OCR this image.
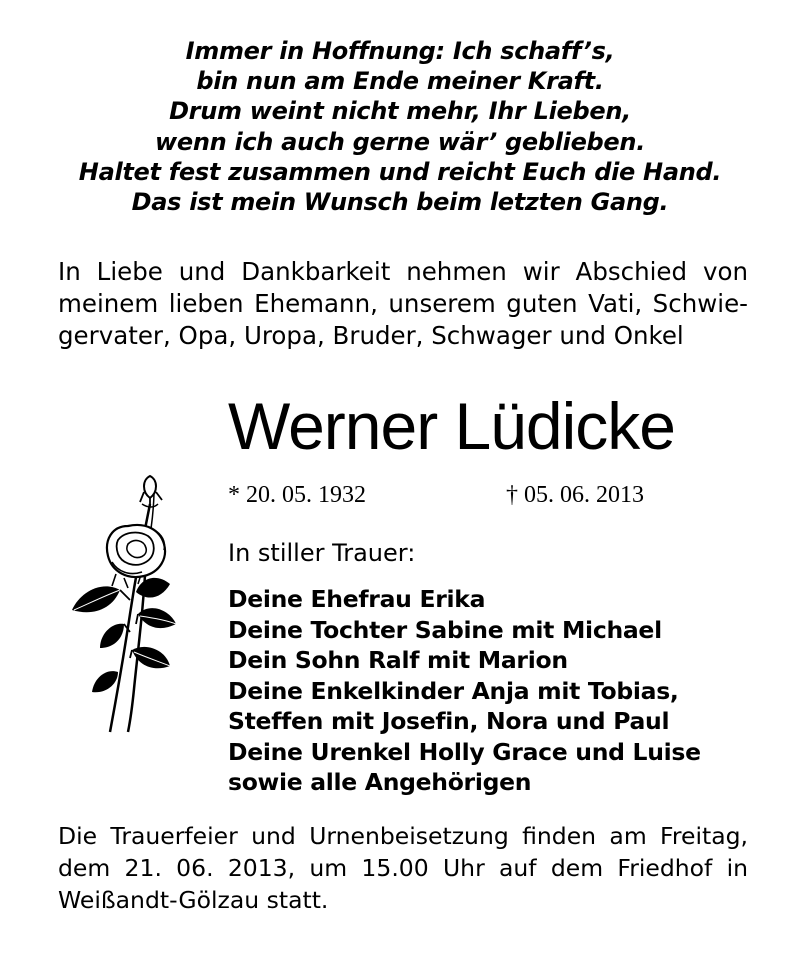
Immer in Hoffnung: Ich schaff’s,
bin nun am Ende meiner Kraft.
Drum weint nicht mehr, Ihr Lieben,
wenn ich auch gerne wär’ geblieben.
Haltet fest zusammen und reicht Euch die Hand.
Das ist mein Wunsch beim letzten Gang.
In Liebe und Dankbarkeit nehmen wir Abschied von
meinem lieben Ehemann, unserem guten Vati, Schwie-
gervater, Opa, Uropa, Bruder, Schwager und Onkel
Werner Lüdicke
* 20. 05. 1932	† 05. 06. 2013
In stiller Trauer:
Deine Ehefrau Erika
Deine Tochter Sabine mit Michael
Dein Sohn Ralf mit Marion
Deine Enkelkinder Anja mit Tobias,
Steffen mit Josefin, Nora und Paul
Deine Urenkel Holly Grace und Luise
sowie alle Angehörigen
Die Trauerfeier und Urnenbeisetzung finden am Freitag,
dem 21. 06. 2013, um 15.00 Uhr auf dem Friedhof in
Weißandt-Gölzau statt.
